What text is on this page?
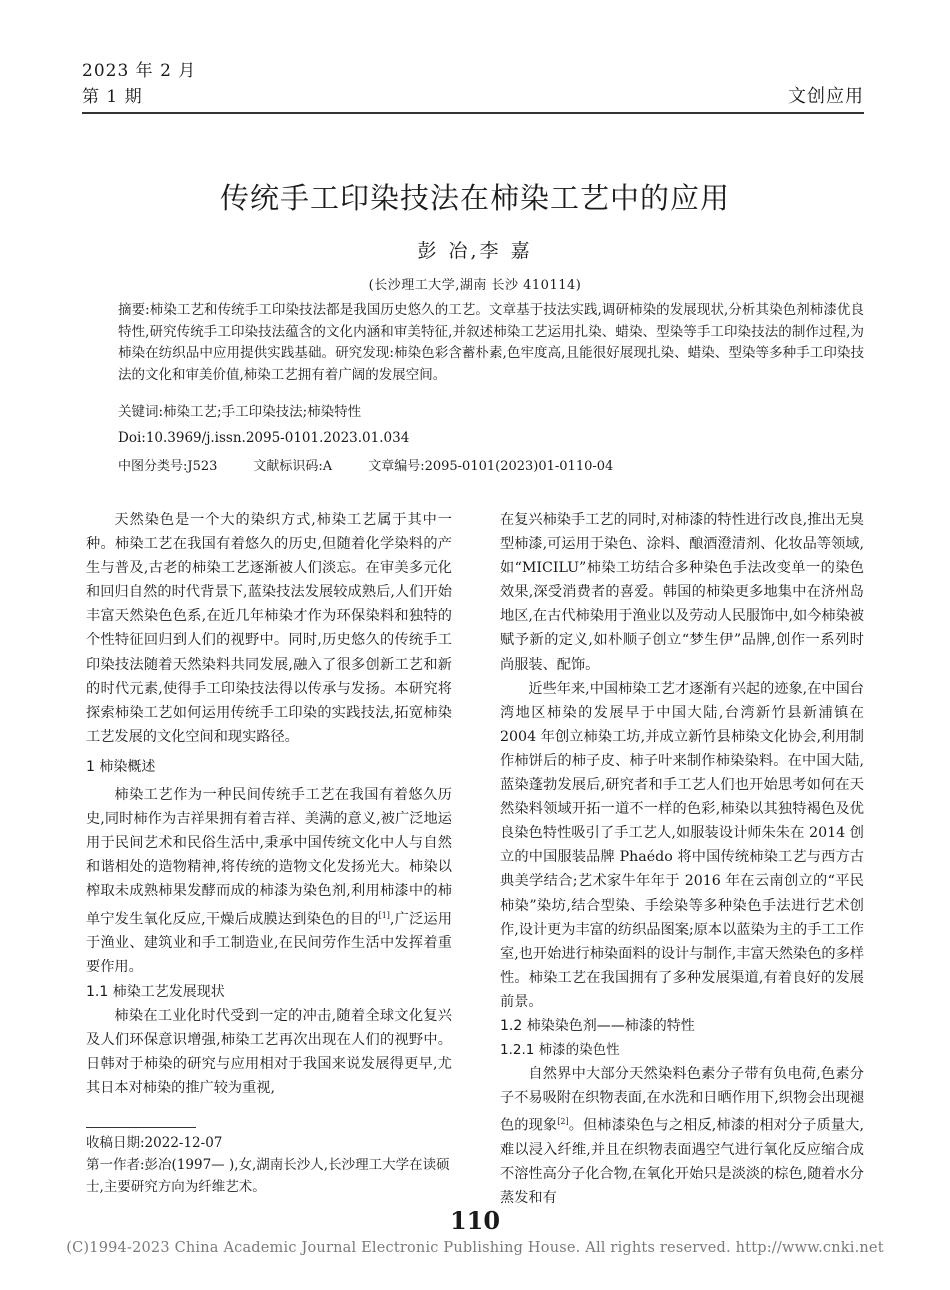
2023 年 2 月
第 1 期	文创应用
传统手工印染技法在柿染工艺中的应用
彭 冶,李 嘉
(长沙理工大学,湖南 长沙 410114)
摘要:柿染工艺和传统手工印染技法都是我国历史悠久的工艺。文章基于技法实践,调研柿染的发展现状,分析其染色剂柿漆优良特性,研究传统手工印染技法蕴含的文化内涵和审美特征,并叙述柿染工艺运用扎染、蜡染、型染等手工印染技法的制作过程,为柿染在纺织品中应用提供实践基础。研究发现:柿染色彩含蓄朴素,色牢度高,且能很好展现扎染、蜡染、型染等多种手工印染技法的文化和审美价值,柿染工艺拥有着广阔的发展空间。
关键词:柿染工艺;手工印染技法;柿染特性
Doi:10.3969/j.issn.2095-0101.2023.01.034
中图分类号:J523	文献标识码:A	文章编号:2095-0101(2023)01-0110-04

天然染色是一个大的染织方式,柿染工艺属于其中一种。柿染工艺在我国有着悠久的历史,但随着化学染料的产生与普及,古老的柿染工艺逐渐被人们淡忘。在审美多元化和回归自然的时代背景下,蓝染技法发展较成熟后,人们开始丰富天然染色色系,在近几年柿染才作为环保染料和独特的个性特征回归到人们的视野中。同时,历史悠久的传统手工印染技法随着天然染料共同发展,融入了很多创新工艺和新的时代元素,使得手工印染技法得以传承与发扬。本研究将探索柿染工艺如何运用传统手工印染的实践技法,拓宽柿染工艺发展的文化空间和现实路径。

1 柿染概述

柿染工艺作为一种民间传统手工艺在我国有着悠久历史,同时柿作为吉祥果拥有着吉祥、美满的意义,被广泛地运用于民间艺术和民俗生活中,秉承中国传统文化中人与自然和谐相处的造物精神,将传统的造物文化发扬光大。柿染以榨取未成熟柿果发酵而成的柿漆为染色剂,利用柿漆中的柿单宁发生氧化反应,干燥后成膜达到染色的目的[1],广泛运用于渔业、建筑业和手工制造业,在民间劳作生活中发挥着重要作用。

1.1 柿染工艺发展现状

柿染在工业化时代受到一定的冲击,随着全球文化复兴及人们环保意识增强,柿染工艺再次出现在人们的视野中。日韩对于柿染的研究与应用相对于我国来说发展得更早,尤其日本对柿染的推广较为重视,

在复兴柿染手工艺的同时,对柿漆的特性进行改良,推出无臭型柿漆,可运用于染色、涂料、酿酒澄清剂、化妆品等领域,如“MICILU”柿染工坊结合多种染色手法改变单一的染色效果,深受消费者的喜爱。韩国的柿染更多地集中在济州岛地区,在古代柿染用于渔业以及劳动人民服饰中,如今柿染被赋予新的定义,如朴顺子创立“梦生伊”品牌,创作一系列时尚服装、配饰。

近些年来,中国柿染工艺才逐渐有兴起的迹象,在中国台湾地区柿染的发展早于中国大陆,台湾新竹县新浦镇在 2004 年创立柿染工坊,并成立新竹县柿染文化协会,利用制作柿饼后的柿子皮、柿子叶来制作柿染染料。在中国大陆,蓝染蓬勃发展后,研究者和手工艺人们也开始思考如何在天然染料领域开拓一道不一样的色彩,柿染以其独特褐色及优良染色特性吸引了手工艺人,如服装设计师朱朱在 2014 创立的中国服装品牌 Phaédo 将中国传统柿染工艺与西方古典美学结合;艺术家牛年年于 2016 年在云南创立的“平民柿染”染坊,结合型染、手绘染等多种染色手法进行艺术创作,设计更为丰富的纺织品图案;原本以蓝染为主的手工工作室,也开始进行柿染面料的设计与制作,丰富天然染色的多样性。柿染工艺在我国拥有了多种发展渠道,有着良好的发展前景。

1.2 柿染染色剂——柿漆的特性
1.2.1 柿漆的染色性

自然界中大部分天然染料色素分子带有负电荷,色素分子不易吸附在织物表面,在水洗和日晒作用下,织物会出现褪色的现象[2]。但柿漆染色与之相反,柿漆的相对分子质量大,难以浸入纤维,并且在织物表面遇空气进行氧化反应缩合成不溶性高分子化合物,在氧化开始只是淡淡的棕色,随着水分蒸发和有

收稿日期:2022-12-07

第一作者:彭冶(1997— ),女,湖南长沙人,长沙理工大学在读硕士,主要研究方向为纤维艺术。

110
(C)1994-2023 China Academic Journal Electronic Publishing House. All rights reserved. http://www.cnki.net
